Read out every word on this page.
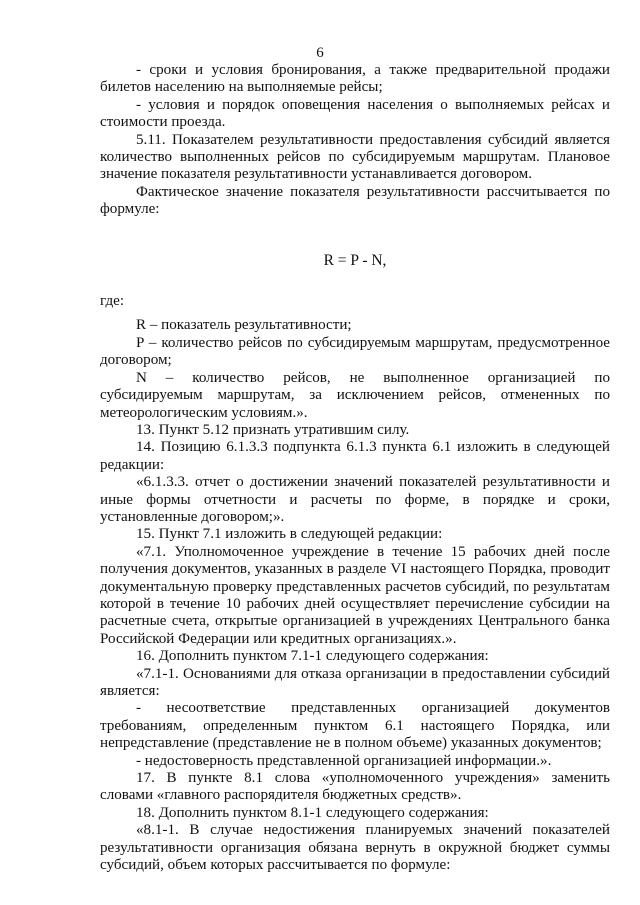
6

- сроки и условия бронирования, а также предварительной продажи билетов населению на выполняемые рейсы;

- условия и порядок оповещения населения о выполняемых рейсах и стоимости проезда.

5.11. Показателем результативности предоставления субсидий является количество выполненных рейсов по субсидируемым маршрутам. Плановое значение показателя результативности устанавливается договором.

Фактическое значение показателя результативности рассчитывается по формуле:

R = P - N,

где:

R – показатель результативности;

P – количество рейсов по субсидируемым маршрутам, предусмотренное договором;

N – количество рейсов, не выполненное организацией по субсидируемым маршрутам, за исключением рейсов, отмененных по метеорологическим условиям.».

13. Пункт 5.12 признать утратившим силу.

14. Позицию 6.1.3.3 подпункта 6.1.3 пункта 6.1 изложить в следующей редакции:

«6.1.3.3. отчет о достижении значений показателей результативности и иные формы отчетности и расчеты по форме, в порядке и сроки, установленные договором;».

15. Пункт 7.1 изложить в следующей редакции:

«7.1. Уполномоченное учреждение в течение 15 рабочих дней после получения документов, указанных в разделе VI настоящего Порядка, проводит документальную проверку представленных расчетов субсидий, по результатам которой в течение 10 рабочих дней осуществляет перечисление субсидии на расчетные счета, открытые организацией в учреждениях Центрального банка Российской Федерации или кредитных организациях.».

16. Дополнить пунктом 7.1-1 следующего содержания:

«7.1-1. Основаниями для отказа организации в предоставлении субсидий является:

- несоответствие представленных организацией документов требованиям, определенным пунктом 6.1 настоящего Порядка, или непредставление (представление не в полном объеме) указанных документов;

- недостоверность представленной организацией информации.».

17. В пункте 8.1 слова «уполномоченного учреждения» заменить словами «главного распорядителя бюджетных средств».

18. Дополнить пунктом 8.1-1 следующего содержания:

«8.1-1. В случае недостижения планируемых значений показателей результативности организация обязана вернуть в окружной бюджет суммы субсидий, объем которых рассчитывается по формуле:
